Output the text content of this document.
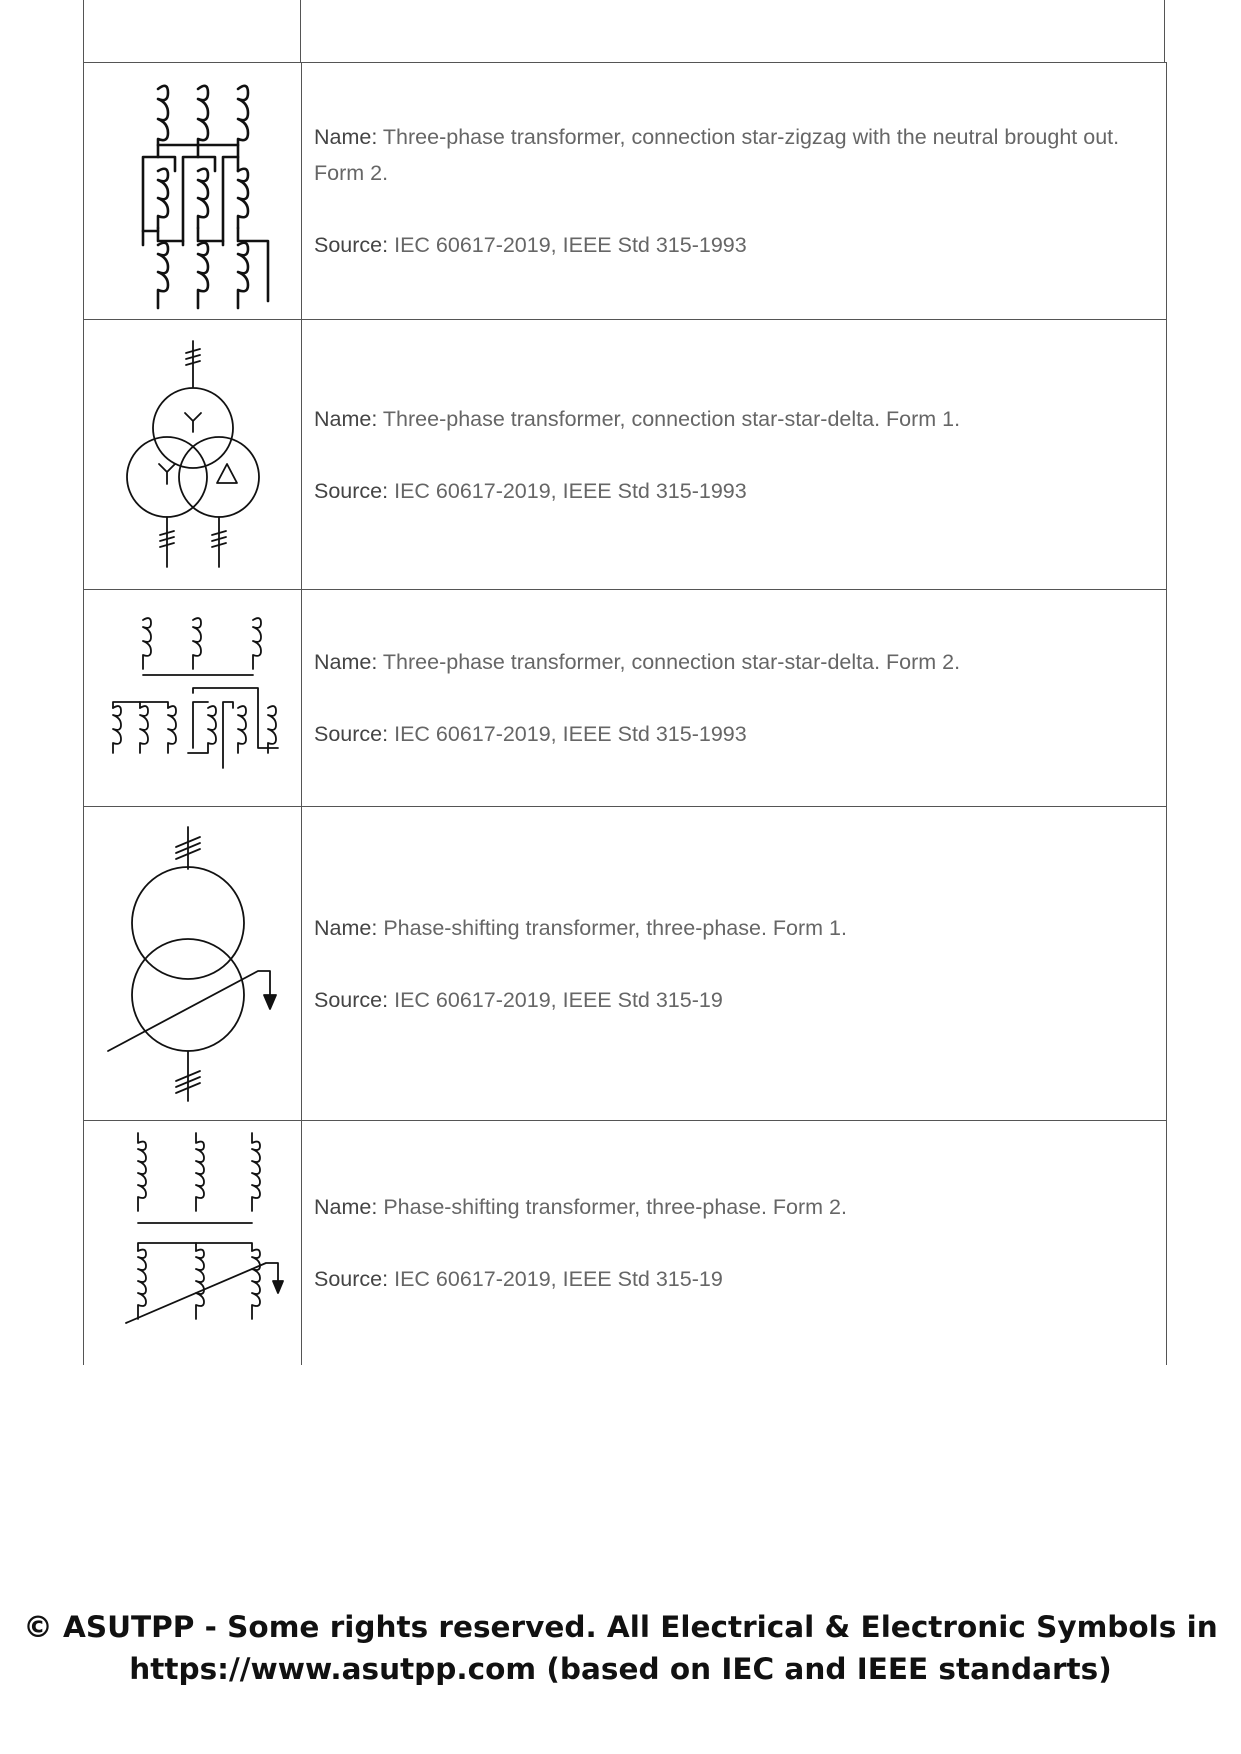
Name: Three-phase transformer, connection star-zigzag with the neutral brought out. Form 2.

Source: IEC 60617-2019, IEEE Std 315-1993

Name: Three-phase transformer, connection star-star-delta. Form 1.

Source: IEC 60617-2019, IEEE Std 315-1993

Name: Three-phase transformer, connection star-star-delta. Form 2.

Source: IEC 60617-2019, IEEE Std 315-1993

Name: Phase-shifting transformer, three-phase. Form 1.

Source: IEC 60617-2019, IEEE Std 315-19

Name: Phase-shifting transformer, three-phase. Form 2.

Source: IEC 60617-2019, IEEE Std 315-19

© ASUTPP - Some rights reserved. All Electrical & Electronic Symbols in
https://www.asutpp.com (based on IEC and IEEE standarts)
